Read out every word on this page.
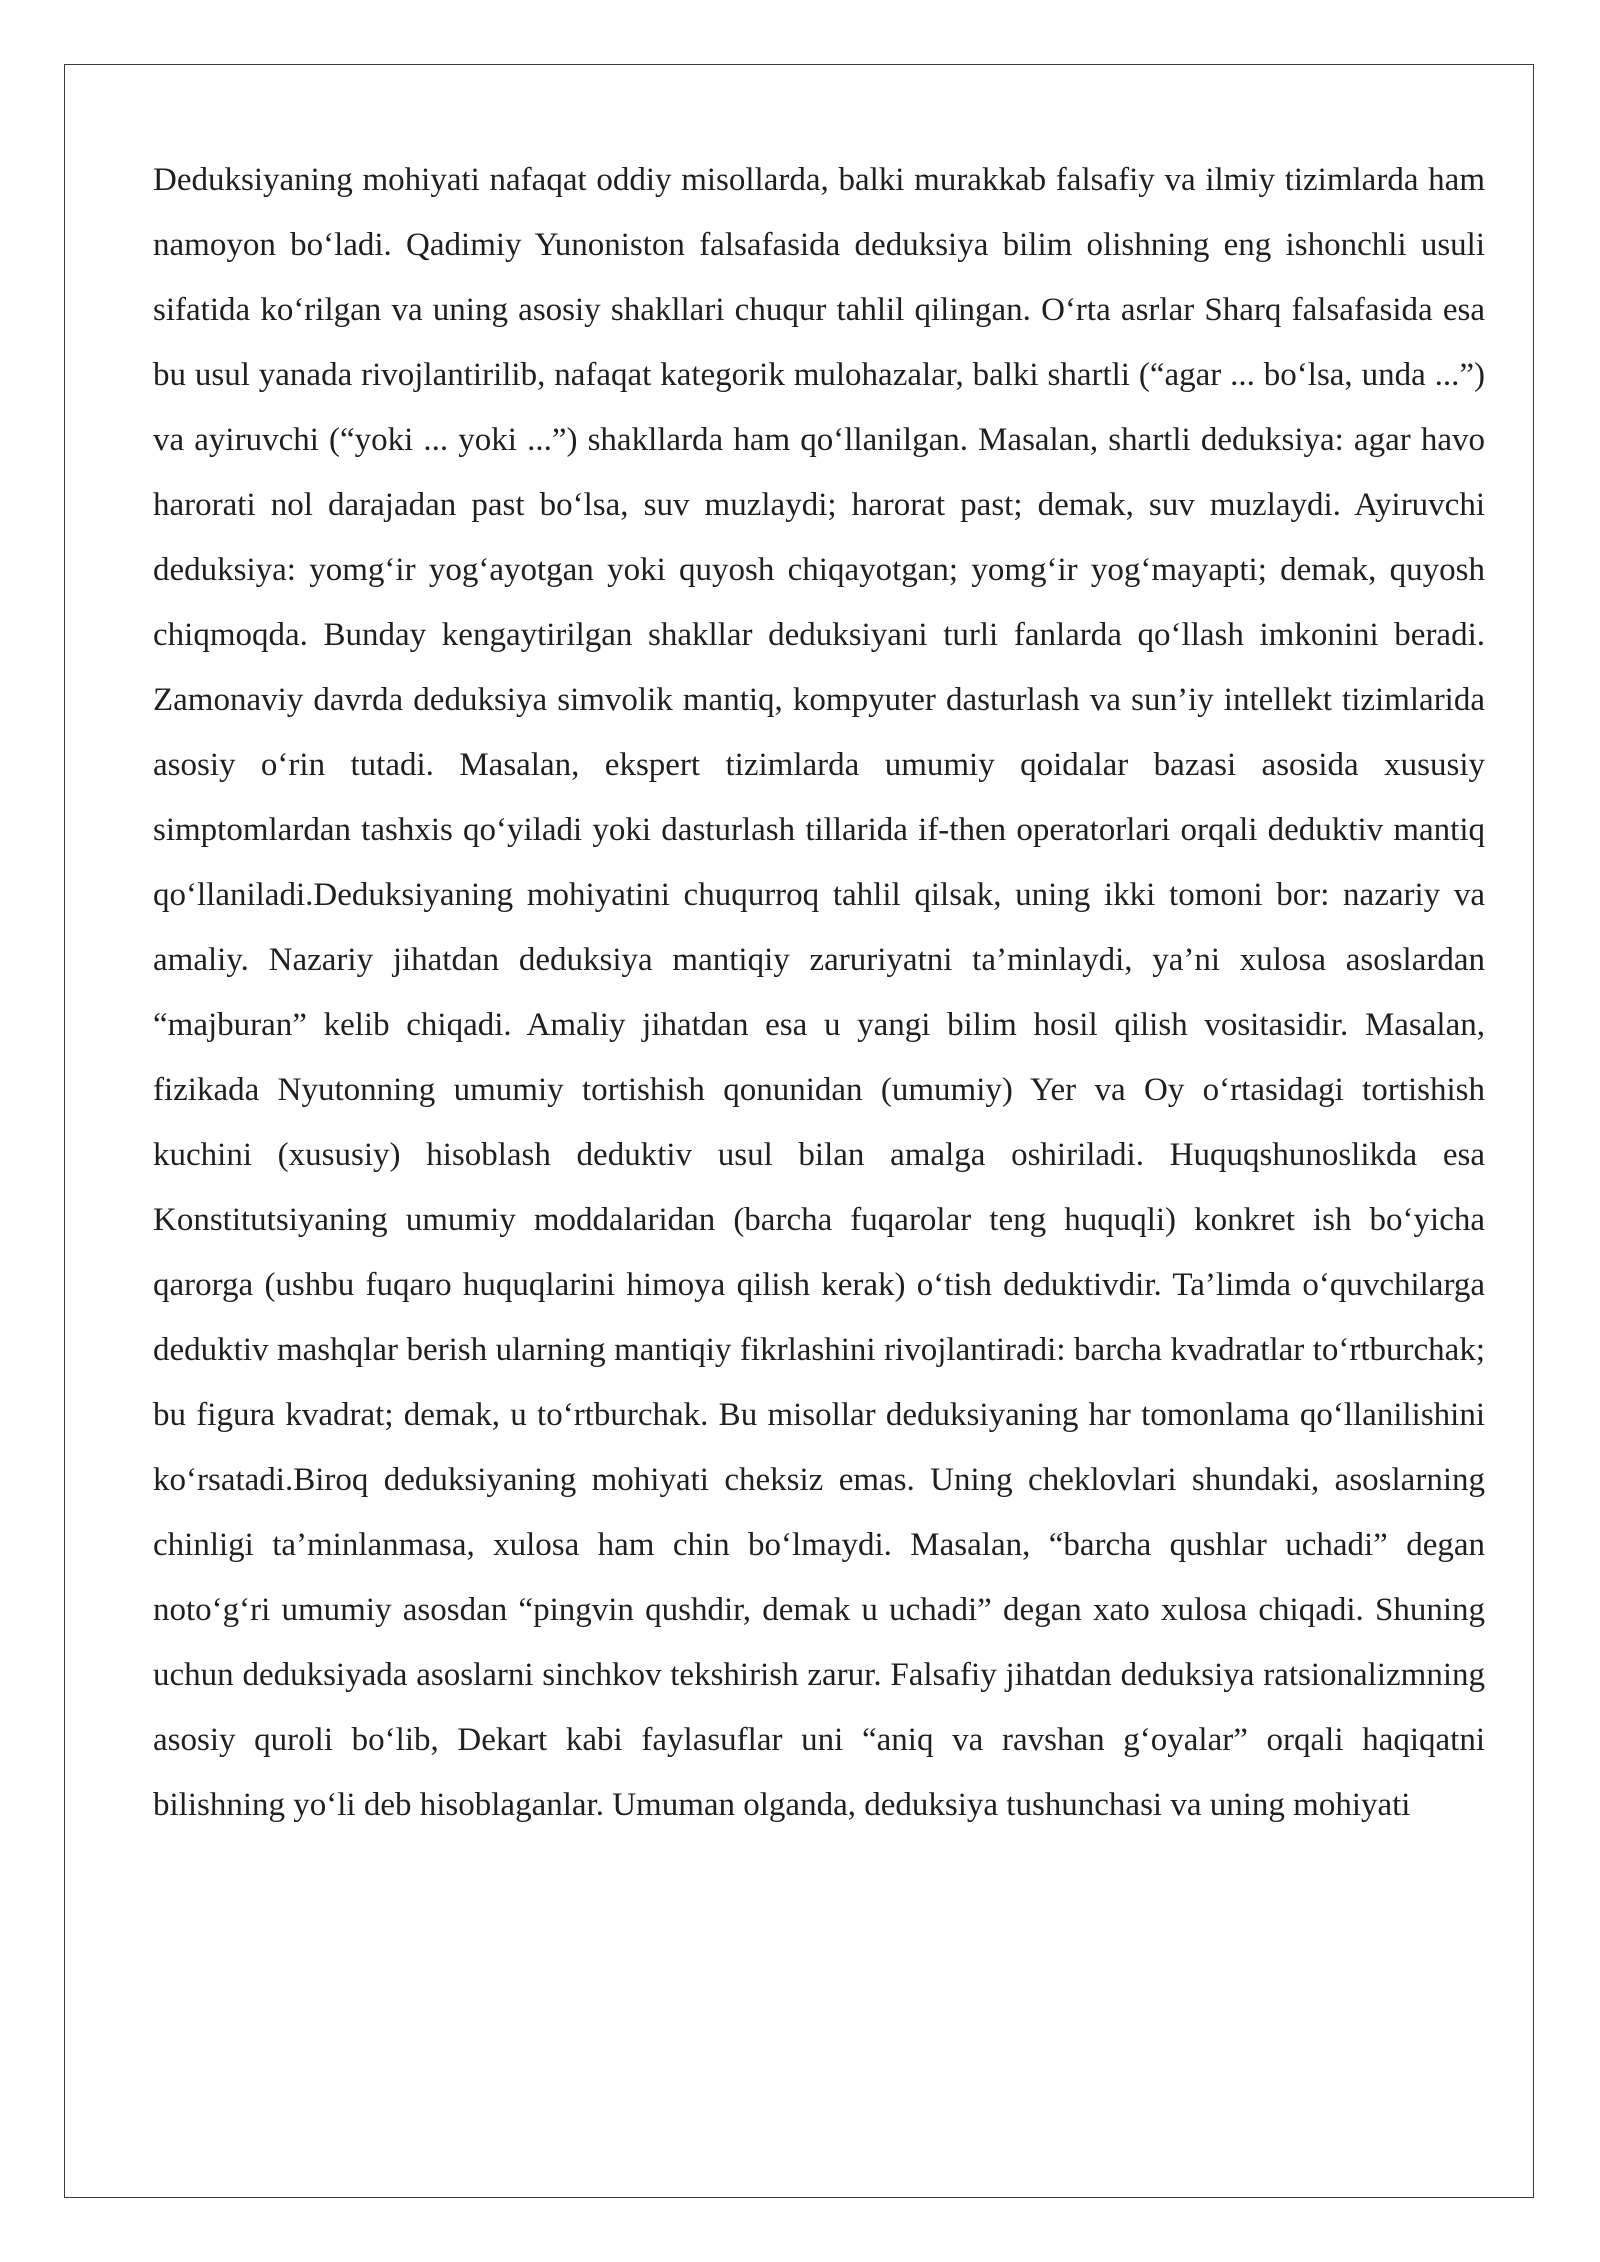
Deduksiyaning mohiyati nafaqat oddiy misollarda, balki murakkab falsafiy va ilmiy tizimlarda ham namoyon boʻladi. Qadimiy Yunoniston falsafasida deduksiya bilim olishning eng ishonchli usuli sifatida koʻrilgan va uning asosiy shakllari chuqur tahlil qilingan. Oʻrta asrlar Sharq falsafasida esa bu usul yanada rivojlantirilib, nafaqat kategorik mulohazalar, balki shartli (“agar ... boʻlsa, unda ...”) va ayiruvchi (“yoki ... yoki ...”) shakllarda ham qoʻllanilgan. Masalan, shartli deduksiya: agar havo harorati nol darajadan past boʻlsa, suv muzlaydi; harorat past; demak, suv muzlaydi. Ayiruvchi deduksiya: yomgʻir yogʻayotgan yoki quyosh chiqayotgan; yomgʻir yogʻmayapti; demak, quyosh chiqmoqda. Bunday kengaytirilgan shakllar deduksiyani turli fanlarda qoʻllash imkonini beradi. Zamonaviy davrda deduksiya simvolik mantiq, kompyuter dasturlash va sun’iy intellekt tizimlarida asosiy oʻrin tutadi. Masalan, ekspert tizimlarda umumiy qoidalar bazasi asosida xususiy simptomlardan tashxis qoʻyiladi yoki dasturlash tillarida if-then operatorlari orqali deduktiv mantiq qoʻllaniladi.Deduksiyaning mohiyatini chuqurroq tahlil qilsak, uning ikki tomoni bor: nazariy va amaliy. Nazariy jihatdan deduksiya mantiqiy zaruriyatni ta’minlaydi, ya’ni xulosa asoslardan “majburan” kelib chiqadi. Amaliy jihatdan esa u yangi bilim hosil qilish vositasidir. Masalan, fizikada Nyutonning umumiy tortishish qonunidan (umumiy) Yer va Oy oʻrtasidagi tortishish kuchini (xususiy) hisoblash deduktiv usul bilan amalga oshiriladi. Huquqshunoslikda esa Konstitutsiyaning umumiy moddalaridan (barcha fuqarolar teng huquqli) konkret ish boʻyicha qarorga (ushbu fuqaro huquqlarini himoya qilish kerak) oʻtish deduktivdir. Ta’limda oʻquvchilarga deduktiv mashqlar berish ularning mantiqiy fikrlashini rivojlantiradi: barcha kvadratlar toʻrtburchak; bu figura kvadrat; demak, u toʻrtburchak. Bu misollar deduksiyaning har tomonlama qoʻllanilishini koʻrsatadi.Biroq deduksiyaning mohiyati cheksiz emas. Uning cheklovlari shundaki, asoslarning chinligi ta’minlanmasa, xulosa ham chin boʻlmaydi. Masalan, “barcha qushlar uchadi” degan notoʻgʻri umumiy asosdan “pingvin qushdir, demak u uchadi” degan xato xulosa chiqadi. Shuning uchun deduksiyada asoslarni sinchkov tekshirish zarur. Falsafiy jihatdan deduksiya ratsionalizmning asosiy quroli boʻlib, Dekart kabi faylasuflar uni “aniq va ravshan gʻoyalar” orqali haqiqatni bilishning yoʻli deb hisoblaganlar. Umuman olganda, deduksiya tushunchasi va uning mohiyati
